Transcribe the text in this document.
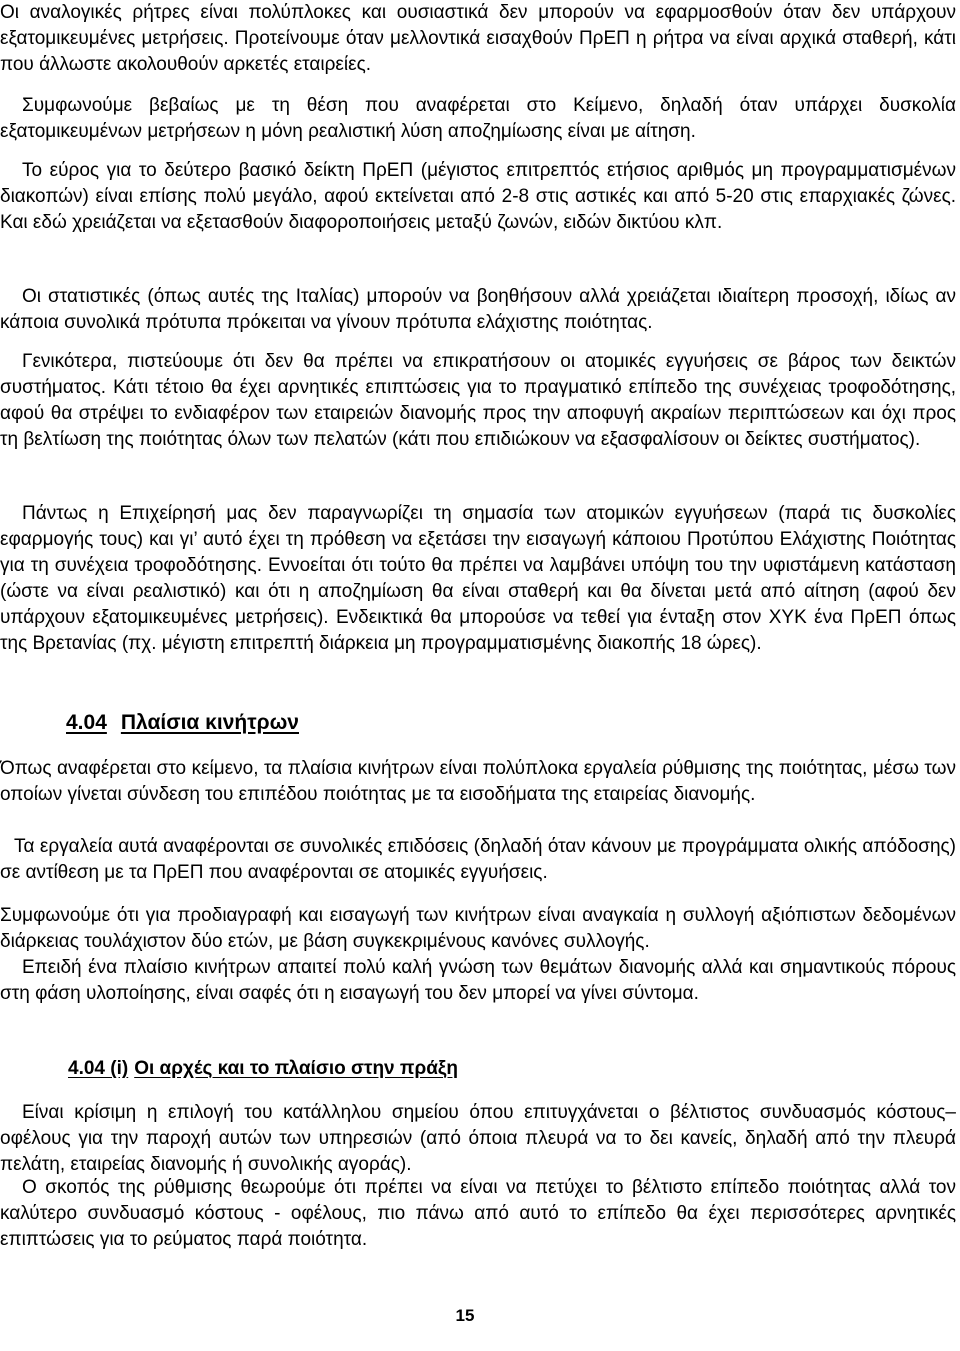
Οι αναλογικές ρήτρες είναι πολύπλοκες και ουσιαστικά δεν μπορούν να εφαρμοσθούν όταν δεν υπάρχουν εξατομικευμένες μετρήσεις. Προτείνουμε όταν μελλοντικά εισαχθούν ΠρΕΠ η ρήτρα να είναι αρχικά σταθερή, κάτι που άλλωστε ακολουθούν αρκετές εταιρείες.

Συμφωνούμε βεβαίως με τη θέση που αναφέρεται στο Κείμενο, δηλαδή όταν υπάρχει δυσκολία εξατομικευμένων μετρήσεων η μόνη ρεαλιστική λύση αποζημίωσης είναι με αίτηση.

Το εύρος για το δεύτερο βασικό δείκτη ΠρΕΠ (μέγιστος επιτρεπτός ετήσιος αριθμός μη προγραμματισμένων διακοπών) είναι επίσης πολύ μεγάλο, αφού εκτείνεται από 2-8 στις αστικές και από 5-20 στις επαρχιακές ζώνες. Και εδώ χρειάζεται να εξετασθούν διαφοροποιήσεις μεταξύ ζωνών, ειδών δικτύου κλπ.

Οι στατιστικές (όπως αυτές της Ιταλίας) μπορούν να βοηθήσουν αλλά χρειάζεται ιδιαίτερη προσοχή, ιδίως αν κάποια συνολικά πρότυπα πρόκειται να γίνουν πρότυπα ελάχιστης ποιότητας.

Γενικότερα, πιστεύουμε ότι δεν θα πρέπει να επικρατήσουν οι ατομικές εγγυήσεις σε βάρος των δεικτών συστήματος. Κάτι τέτοιο θα έχει αρνητικές επιπτώσεις για το πραγματικό επίπεδο της συνέχειας τροφοδότησης, αφού θα στρέψει το ενδιαφέρον των εταιρειών διανομής προς την αποφυγή ακραίων περιπτώσεων και όχι προς τη βελτίωση της ποιότητας όλων των πελατών (κάτι που επιδιώκουν να εξασφαλίσουν οι δείκτες συστήματος).

Πάντως η Επιχείρησή μας δεν παραγνωρίζει τη σημασία των ατομικών εγγυήσεων (παρά τις δυσκολίες εφαρμογής τους) και γι’ αυτό έχει τη πρόθεση να εξετάσει την εισαγωγή κάποιου Προτύπου Ελάχιστης Ποιότητας για τη συνέχεια τροφοδότησης. Εννοείται ότι τούτο θα πρέπει να λαμβάνει υπόψη του την υφιστάμενη κατάσταση (ώστε να είναι ρεαλιστικό) και ότι η αποζημίωση θα είναι σταθερή και θα δίνεται μετά από αίτηση (αφού δεν υπάρχουν εξατομικευμένες μετρήσεις). Ενδεικτικά θα μπορούσε να τεθεί για ένταξη στον ΧΥΚ ένα ΠρΕΠ όπως της Βρετανίας (πχ. μέγιστη επιτρεπτή διάρκεια μη προγραμματισμένης διακοπής 18 ώρες).

4.04 Πλαίσια κινήτρων

Όπως αναφέρεται στο κείμενο, τα πλαίσια κινήτρων είναι πολύπλοκα εργαλεία ρύθμισης της ποιότητας, μέσω των οποίων γίνεται σύνδεση του επιπέδου ποιότητας με τα εισοδήματα της εταιρείας διανομής.

Τα εργαλεία αυτά αναφέρονται σε συνολικές επιδόσεις (δηλαδή όταν κάνουν με προγράμματα ολικής απόδοσης) σε αντίθεση με τα ΠρΕΠ που αναφέρονται σε ατομικές εγγυήσεις.

Συμφωνούμε ότι για προδιαγραφή και εισαγωγή των κινήτρων είναι αναγκαία η συλλογή αξιόπιστων δεδομένων διάρκειας τουλάχιστον δύο ετών, με βάση συγκεκριμένους κανόνες συλλογής.

Επειδή ένα πλαίσιο κινήτρων απαιτεί πολύ καλή γνώση των θεμάτων διανομής αλλά και σημαντικούς πόρους στη φάση υλοποίησης, είναι σαφές ότι η εισαγωγή του δεν μπορεί να γίνει σύντομα.

4.04 (i) Οι αρχές και το πλαίσιο στην πράξη

Είναι κρίσιμη η επιλογή του κατάλληλου σημείου όπου επιτυγχάνεται ο βέλτιστος συνδυασμός κόστους–οφέλους για την παροχή αυτών των υπηρεσιών (από όποια πλευρά να το δει κανείς, δηλαδή από την πλευρά πελάτη, εταιρείας διανομής ή συνολικής αγοράς).

Ο σκοπός της ρύθμισης θεωρούμε ότι πρέπει να είναι να πετύχει το βέλτιστο επίπεδο ποιότητας αλλά τον καλύτερο συνδυασμό κόστους - οφέλους, πιο πάνω από αυτό το επίπεδο θα έχει περισσότερες αρνητικές επιπτώσεις για το ρεύματος παρά ποιότητα.

15
